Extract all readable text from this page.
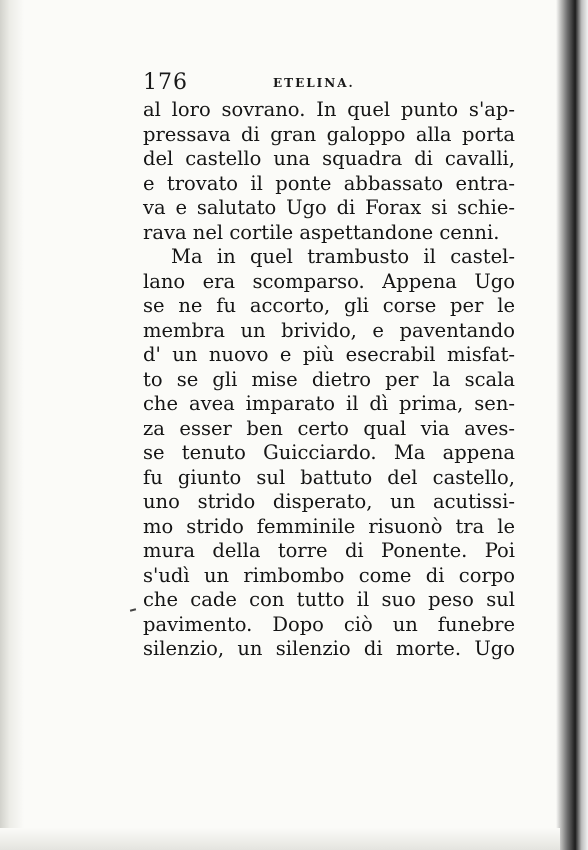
176	ETELINA.
al loro sovrano. In quel punto s'ap-
pressava di gran galoppo alla porta
del castello una squadra di cavalli,
e trovato il ponte abbassato entra-
va e salutato Ugo di Forax si schie-
rava nel cortile aspettandone cenni.
Ma in quel trambusto il castel-
lano era scomparso. Appena Ugo
se ne fu accorto, gli corse per le
membra un brivido, e paventando
d' un nuovo e più esecrabil misfat-
to se gli mise dietro per la scala
che avea imparato il dì prima, sen-
za esser ben certo qual via aves-
se tenuto Guicciardo. Ma appena
fu giunto sul battuto del castello,
uno strido disperato, un acutissi-
mo strido femminile risuonò tra le
mura della torre di Ponente. Poi
s'udì un rimbombo come di corpo
che cade con tutto il suo peso sul
pavimento. Dopo ciò un funebre
silenzio, un silenzio di morte. Ugo
